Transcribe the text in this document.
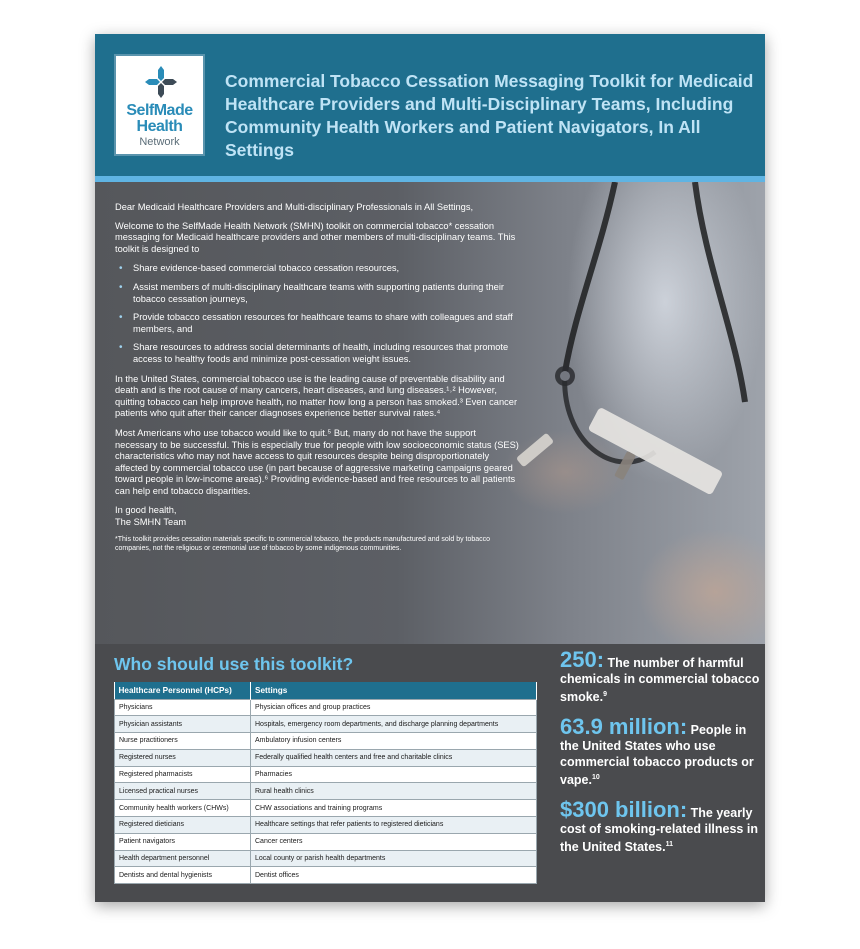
SelfMade
Health
Network
Commercial Tobacco Cessation Messaging Toolkit for Medicaid Healthcare Providers and Multi-Disciplinary Teams, Including Community Health Workers and Patient Navigators, In All Settings

Dear Medicaid Healthcare Providers and Multi-disciplinary Professionals in All Settings,

Welcome to the SelfMade Health Network (SMHN) toolkit on commercial tobacco* cessation messaging for Medicaid healthcare providers and other members of multi-disciplinary teams. This toolkit is designed to

• Share evidence-based commercial tobacco cessation resources,
• Assist members of multi-disciplinary healthcare teams with supporting patients during their tobacco cessation journeys,
• Provide tobacco cessation resources for healthcare teams to share with colleagues and staff members, and
• Share resources to address social determinants of health, including resources that promote access to healthy foods and minimize post-cessation weight issues.

In the United States, commercial tobacco use is the leading cause of preventable disability and death and is the root cause of many cancers, heart diseases, and lung diseases.¹˒² However, quitting tobacco can help improve health, no matter how long a person has smoked.³ Even cancer patients who quit after their cancer diagnoses experience better survival rates.⁴

Most Americans who use tobacco would like to quit.⁵ But, many do not have the support necessary to be successful. This is especially true for people with low socioeconomic status (SES) characteristics who may not have access to quit resources despite being disproportionately affected by commercial tobacco use (in part because of aggressive marketing campaigns geared toward people in low-income areas).⁶ Providing evidence-based and free resources to all patients can help end tobacco disparities.

In good health,
The SMHN Team
*This toolkit provides cessation materials specific to commercial tobacco, the products manufactured and sold by tobacco companies, not the religious or ceremonial use of tobacco by some indigenous communities.
Who should use this toolkit?
Healthcare Personnel (HCPs)	Settings
Physicians	Physician offices and group practices
Physician assistants	Hospitals, emergency room departments, and discharge planning departments
Nurse practitioners	Ambulatory infusion centers
Registered nurses	Federally qualified health centers and free and charitable clinics
Registered pharmacists	Pharmacies
Licensed practical nurses	Rural health clinics
Community health workers (CHWs)	CHW associations and training programs
Registered dieticians	Healthcare settings that refer patients to registered dieticians
Patient navigators	Cancer centers
Health department personnel	Local county or parish health departments
Dentists and dental hygienists	Dentist offices
250: The number of harmful chemicals in commercial tobacco smoke.$^9$
63.9 million: People in the United States who use commercial tobacco products or vape.$^{10}$
$300 billion: The yearly cost of smoking-related illness in the United States.$^{11}$
